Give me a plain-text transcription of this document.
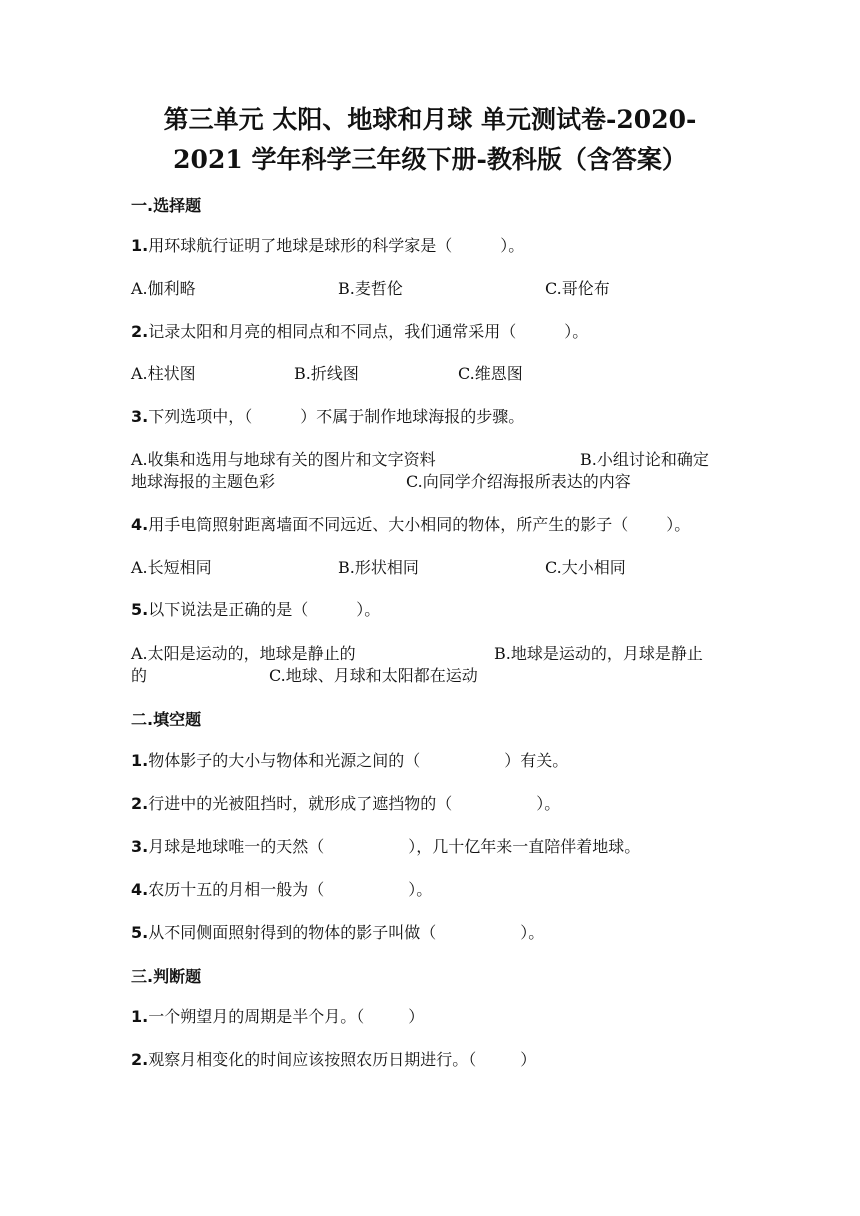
第三单元 太阳、地球和月球 单元测试卷-2020-
2021 学年科学三年级下册-教科版（含答案）
一.选择题
1.用环球航行证明了地球是球形的科学家是（	）。
A.伽利略	B.麦哲伦	C.哥伦布
2.记录太阳和月亮的相同点和不同点，我们通常采用（	）。
A.柱状图	B.折线图	C.维恩图
3.下列选项中，（	）不属于制作地球海报的步骤。
A.收集和选用与地球有关的图片和文字资料	B.小组讨论和确定
地球海报的主题色彩	C.向同学介绍海报所表达的内容
4.用手电筒照射距离墙面不同远近、大小相同的物体，所产生的影子（ ）。
A.长短相同	B.形状相同	C.大小相同
5.以下说法是正确的是（	）。
A.太阳是运动的，地球是静止的	B.地球是运动的，月球是静止
的	C.地球、月球和太阳都在运动
二.填空题
1.物体影子的大小与物体和光源之间的（	）有关。
2.行进中的光被阻挡时，就形成了遮挡物的（	）。
3.月球是地球唯一的天然（	），几十亿年来一直陪伴着地球。
4.农历十五的月相一般为（	）。
5.从不同侧面照射得到的物体的影子叫做（	）。
三.判断题
1.一个朔望月的周期是半个月。（	）
2.观察月相变化的时间应该按照农历日期进行。（	）
